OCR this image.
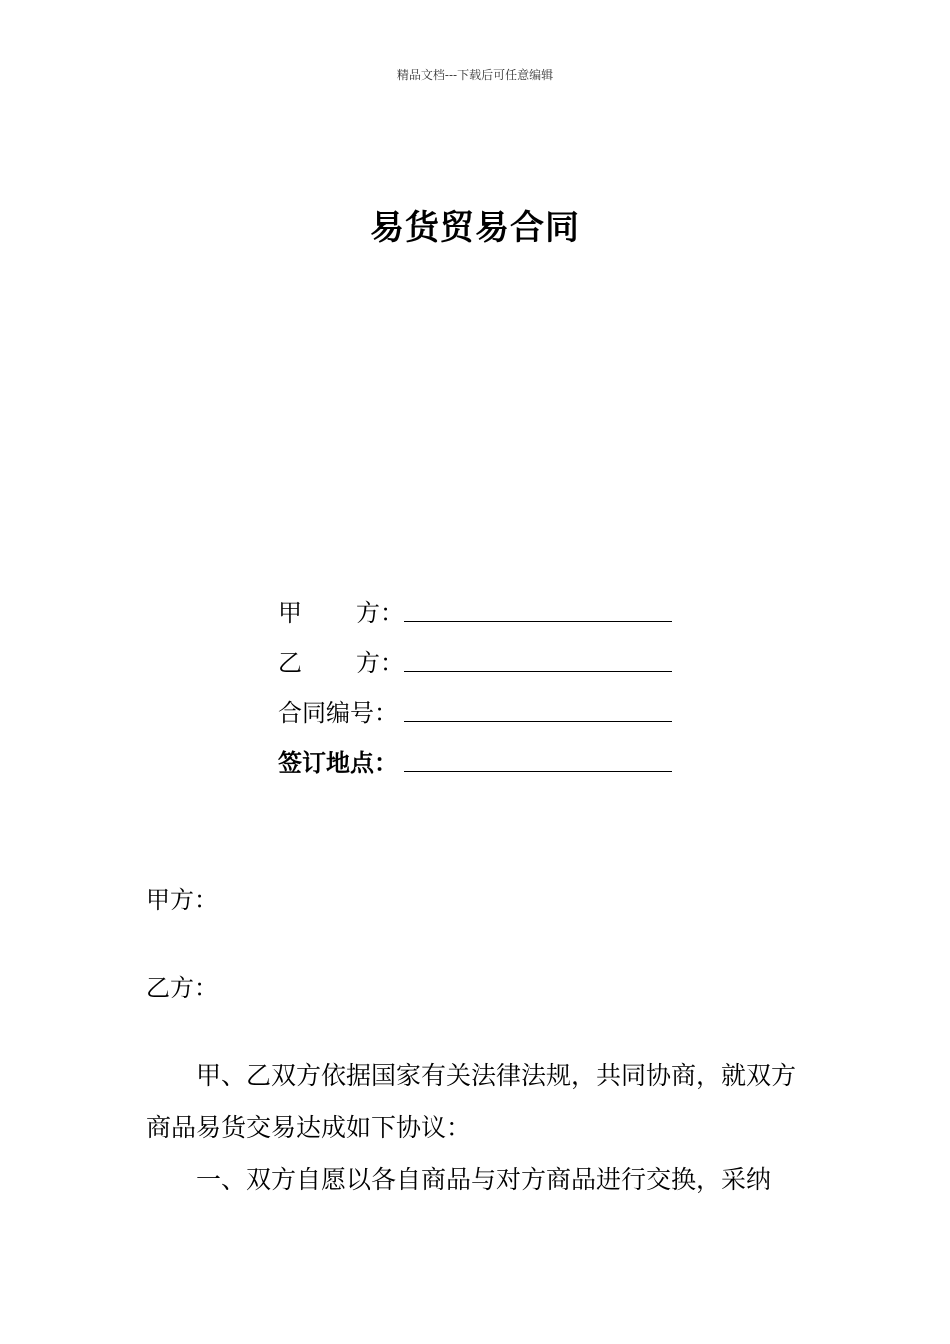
精品文档---下载后可任意编辑
易货贸易合同
甲 方：
乙 方：
合同编号：
签订地点：
甲方：
乙方：

甲、乙双方依据国家有关法律法规，共同协商，就双方商品易货交易达成如下协议：

一、双方自愿以各自商品与对方商品进行交换，采纳
